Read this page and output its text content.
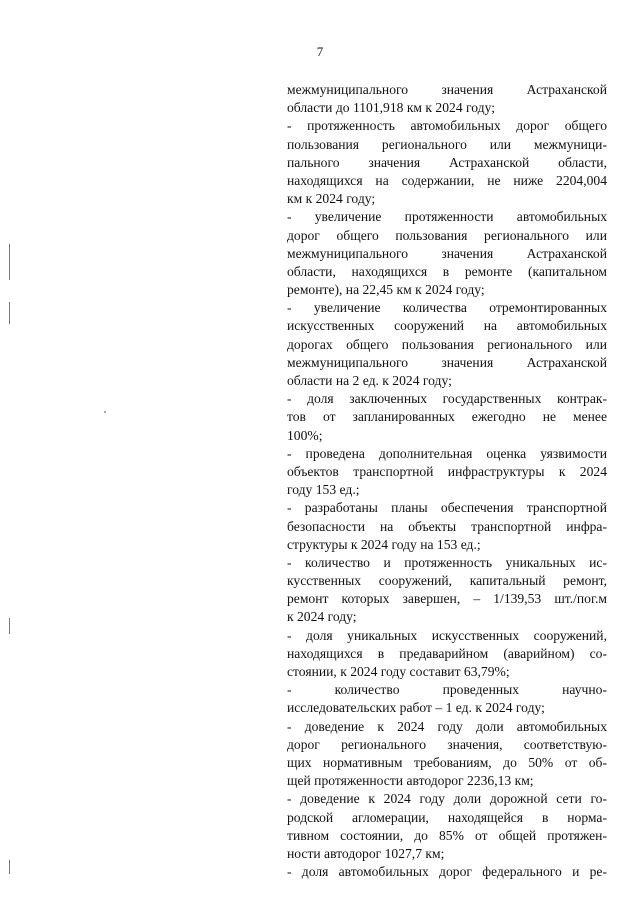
7
межмуниципального значения Астраханской
области до 1101,918 км к 2024 году;
- протяженность автомобильных дорог общего
пользования регионального или межмуници-
пального значения Астраханской области,
находящихся на содержании, не ниже 2204,004
км к 2024 году;
- увеличение протяженности автомобильных
дорог общего пользования регионального или
межмуниципального значения Астраханской
области, находящихся в ремонте (капитальном
ремонте), на 22,45 км к 2024 году;
- увеличение количества отремонтированных
искусственных сооружений на автомобильных
дорогах общего пользования регионального или
межмуниципального значения Астраханской
области на 2 ед. к 2024 году;
- доля заключенных государственных контрак-
тов от запланированных ежегодно не менее
100%;
- проведена дополнительная оценка уязвимости
объектов транспортной инфраструктуры к 2024
году 153 ед.;
- разработаны планы обеспечения транспортной
безопасности на объекты транспортной инфра-
структуры к 2024 году на 153 ед.;
- количество и протяженность уникальных ис-
кусственных сооружений, капитальный ремонт,
ремонт которых завершен, – 1/139,53 шт./пог.м
к 2024 году;
- доля уникальных искусственных сооружений,
находящихся в предаварийном (аварийном) со-
стоянии, к 2024 году составит 63,79%;
- количество проведенных научно-
исследовательских работ – 1 ед. к 2024 году;
- доведение к 2024 году доли автомобильных
дорог регионального значения, соответствую-
щих нормативным требованиям, до 50% от об-
щей протяженности автодорог 2236,13 км;
- доведение к 2024 году доли дорожной сети го-
родской агломерации, находящейся в норма-
тивном состоянии, до 85% от общей протяжен-
ности автодорог 1027,7 км;
- доля автомобильных дорог федерального и ре-
